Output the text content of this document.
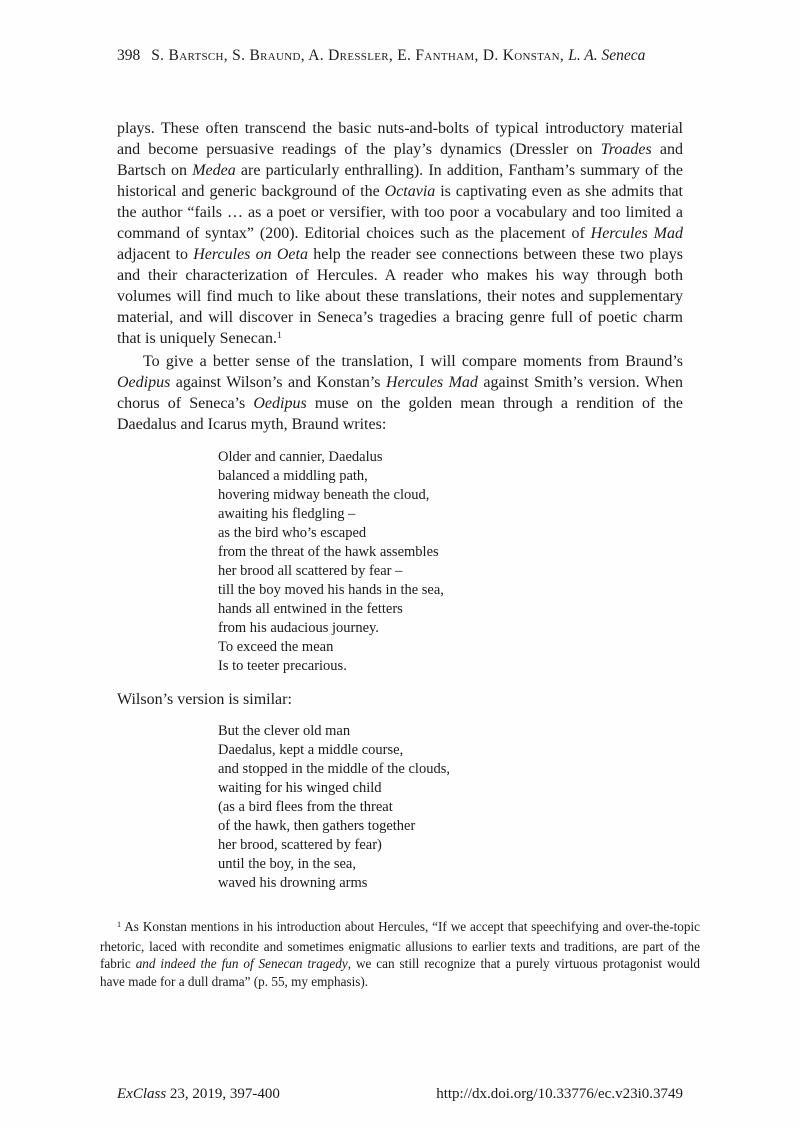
398 S. Bartsch, S. Braund, A. Dressler, E. Fantham, D. Konstan, L. A. Seneca

plays. These often transcend the basic nuts-and-bolts of typical introductory material and become persuasive readings of the play’s dynamics (Dressler on Troades and Bartsch on Medea are particularly enthralling). In addition, Fantham’s summary of the historical and generic background of the Octavia is captivating even as she admits that the author “fails … as a poet or versifier, with too poor a vocabulary and too limited a command of syntax” (200). Editorial choices such as the placement of Hercules Mad adjacent to Hercules on Oeta help the reader see connections between these two plays and their characterization of Hercules. A reader who makes his way through both volumes will find much to like about these translations, their notes and supplementary material, and will discover in Seneca’s tragedies a bracing genre full of poetic charm that is uniquely Senecan.$^1$

To give a better sense of the translation, I will compare moments from Braund’s Oedipus against Wilson’s and Konstan’s Hercules Mad against Smith’s version. When chorus of Seneca’s Oedipus muse on the golden mean through a rendition of the Daedalus and Icarus myth, Braund writes:

Older and cannier, Daedalus
balanced a middling path,
hovering midway beneath the cloud,
awaiting his fledgling –
as the bird who’s escaped
from the threat of the hawk assembles
her brood all scattered by fear –
till the boy moved his hands in the sea,
hands all entwined in the fetters
from his audacious journey.
To exceed the mean
Is to teeter precarious.

Wilson’s version is similar:

But the clever old man
Daedalus, kept a middle course,
and stopped in the middle of the clouds,
waiting for his winged child
(as a bird flees from the threat
of the hawk, then gathers together
her brood, scattered by fear)
until the boy, in the sea,
waved his drowning arms
$^1$ As Konstan mentions in his introduction about Hercules, “If we accept that speechifying and over-the-topic rhetoric, laced with recondite and sometimes enigmatic allusions to earlier texts and traditions, are part of the fabric and indeed the fun of Senecan tragedy, we can still recognize that a purely virtuous protagonist would have made for a dull drama” (p. 55, my emphasis).
ExClass 23, 2019, 397-400	http://dx.doi.org/10.33776/ec.v23i0.3749
